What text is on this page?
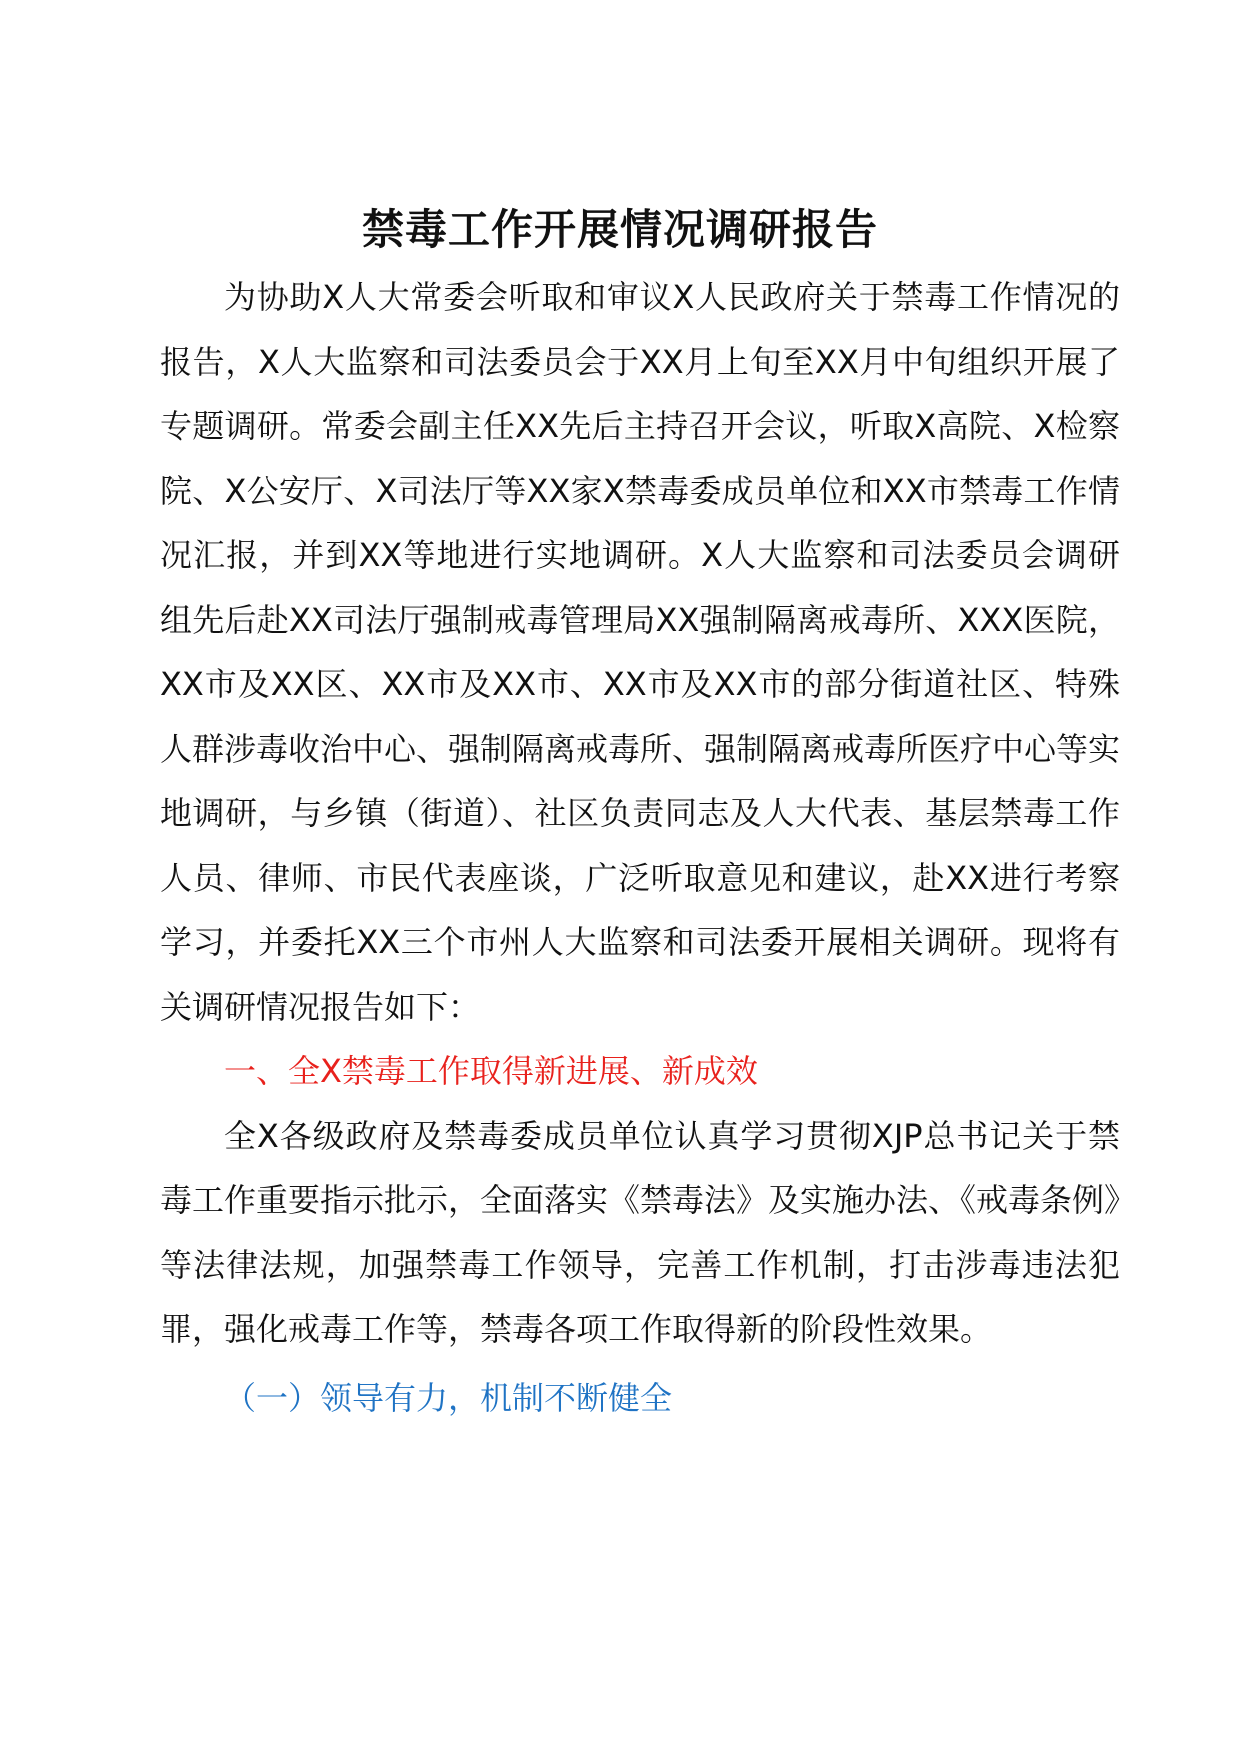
禁毒工作开展情况调研报告

为协助X人大常委会听取和审议X人民政府关于禁毒工作情况的报告，X人大监察和司法委员会于XX月上旬至XX月中旬组织开展了专题调研。常委会副主任XX先后主持召开会议，听取X高院、X检察院、X公安厅、X司法厅等XX家X禁毒委成员单位和XX市禁毒工作情况汇报，并到XX等地进行实地调研。X人大监察和司法委员会调研组先后赴XX司法厅强制戒毒管理局XX强制隔离戒毒所、XXX医院，XX市及XX区、XX市及XX市、XX市及XX市的部分街道社区、特殊人群涉毒收治中心、强制隔离戒毒所、强制隔离戒毒所医疗中心等实地调研，与乡镇（街道）、社区负责同志及人大代表、基层禁毒工作人员、律师、市民代表座谈，广泛听取意见和建议，赴XX进行考察学习，并委托XX三个市州人大监察和司法委开展相关调研。现将有关调研情况报告如下：

一、全X禁毒工作取得新进展、新成效

全X各级政府及禁毒委成员单位认真学习贯彻XJP总书记关于禁毒工作重要指示批示，全面落实《禁毒法》及实施办法、《戒毒条例》等法律法规，加强禁毒工作领导，完善工作机制，打击涉毒违法犯罪，强化戒毒工作等，禁毒各项工作取得新的阶段性效果。

（一）领导有力，机制不断健全
